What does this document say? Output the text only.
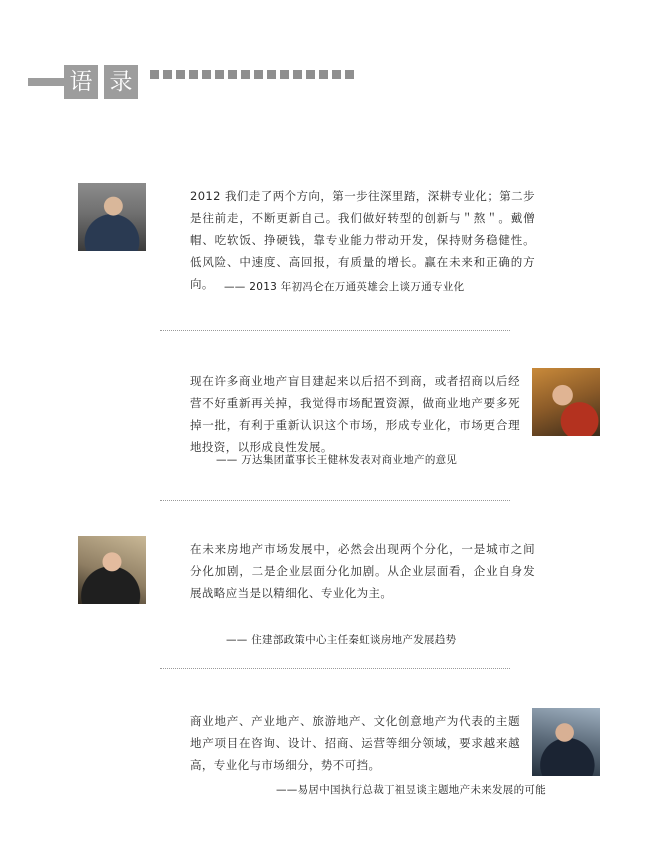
语 录
2012 我们走了两个方向，第一步往深里踏，深耕专业化；第二步是往前走，不断更新自己。我们做好转型的创新与＂熬＂。戴僧帽、吃软饭、挣硬钱，靠专业能力带动开发，保持财务稳健性。低风险、中速度、高回报，有质量的增长。赢在未来和正确的方向。 —— 2013 年初冯仑在万通英雄会上谈万通专业化
现在许多商业地产盲目建起来以后招不到商，或者招商以后经营不好重新再关掉，我觉得市场配置资源，做商业地产要多死掉一批，有利于重新认识这个市场，形成专业化，市场更合理地投资，以形成良性发展。
—— 万达集团董事长王健林发表对商业地产的意见
在未来房地产市场发展中，必然会出现两个分化，一是城市之间分化加剧，二是企业层面分化加剧。从企业层面看，企业自身发展战略应当是以精细化、专业化为主。
—— 住建部政策中心主任秦虹谈房地产发展趋势
商业地产、产业地产、旅游地产、文化创意地产为代表的主题地产项目在咨询、设计、招商、运营等细分领域，要求越来越高，专业化与市场细分，势不可挡。
——易居中国执行总裁丁祖昱谈主题地产未来发展的可能
